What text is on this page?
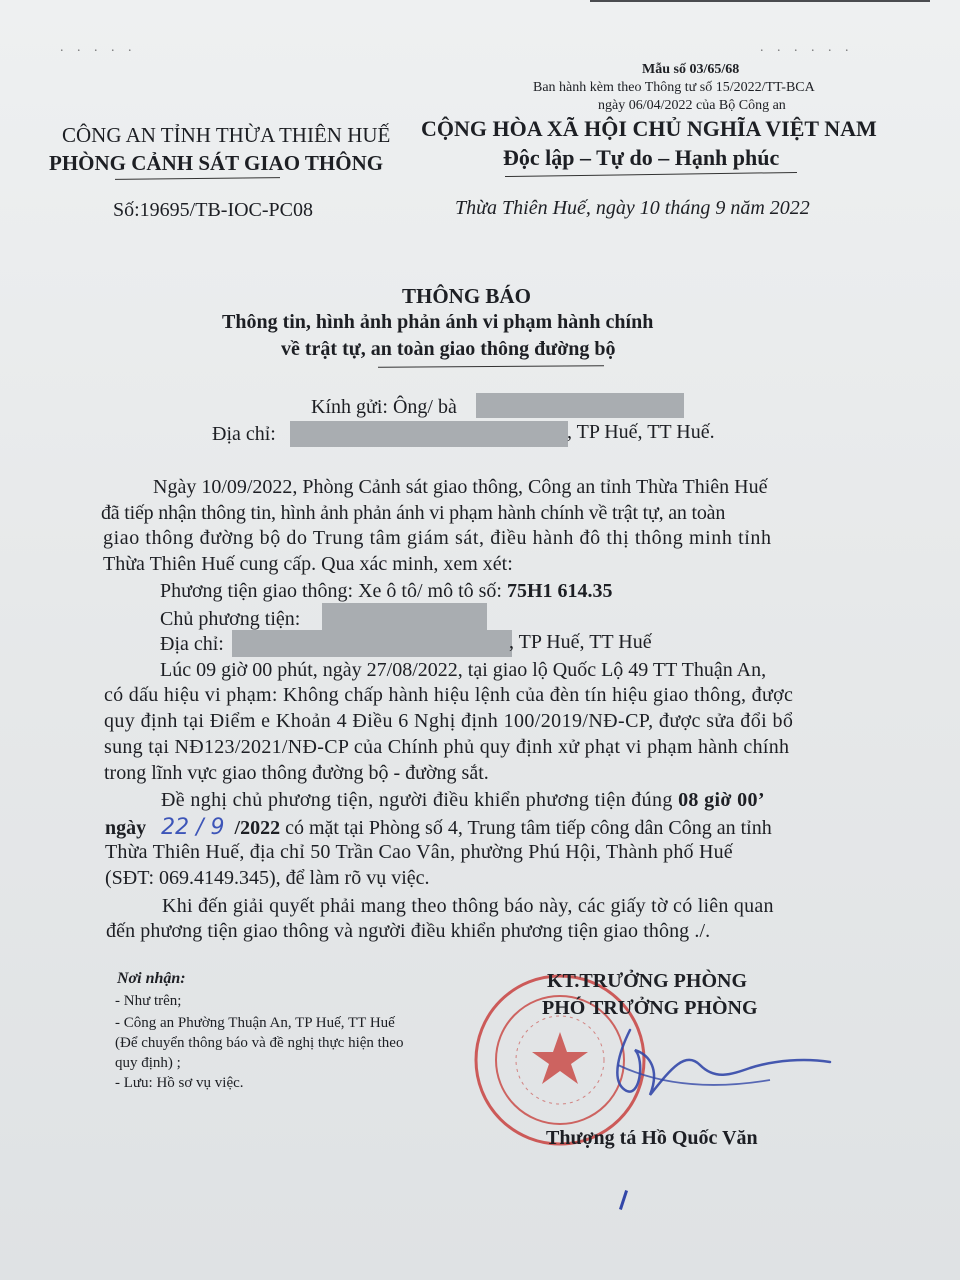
. . . . .	. . . . . .
Mẫu số 03/65/68
Ban hành kèm theo Thông tư số 15/2022/TT-BCA
ngày 06/04/2022 của Bộ Công an
CÔNG AN TỈNH THỪA THIÊN HUẾ
PHÒNG CẢNH SÁT GIAO THÔNG
CỘNG HÒA XÃ HỘI CHỦ NGHĨA VIỆT NAM
Độc lập – Tự do – Hạnh phúc
Số:19695/TB-IOC-PC08	Thừa Thiên Huế, ngày 10 tháng 9 năm 2022
THÔNG BÁO
Thông tin, hình ảnh phản ánh vi phạm hành chính
về trật tự, an toàn giao thông đường bộ
Kính gửi: Ông/ bà
Địa chỉ:	, TP Huế, TT Huế.
Ngày 10/09/2022, Phòng Cảnh sát giao thông, Công an tỉnh Thừa Thiên Huế
đã tiếp nhận thông tin, hình ảnh phản ánh vi phạm hành chính về trật tự, an toàn
giao thông đường bộ do Trung tâm giám sát, điều hành đô thị thông minh tỉnh
Thừa Thiên Huế cung cấp. Qua xác minh, xem xét:
Phương tiện giao thông: Xe ô tô/ mô tô số: 75H1 614.35
Chủ phương tiện:
Địa chỉ:	, TP Huế, TT Huế
Lúc 09 giờ 00 phút, ngày 27/08/2022, tại giao lộ Quốc Lộ 49 TT Thuận An,
có dấu hiệu vi phạm: Không chấp hành hiệu lệnh của đèn tín hiệu giao thông, được
quy định tại Điểm e Khoản 4 Điều 6 Nghị định 100/2019/NĐ-CP, được sửa đổi bổ
sung tại NĐ123/2021/NĐ-CP của Chính phủ quy định xử phạt vi phạm hành chính
trong lĩnh vực giao thông đường bộ - đường sắt.
Đề nghị chủ phương tiện, người điều khiển phương tiện đúng 08 giờ 00’
ngày 22 / 9 /2022 có mặt tại Phòng số 4, Trung tâm tiếp công dân Công an tỉnh
Thừa Thiên Huế, địa chỉ 50 Trần Cao Vân, phường Phú Hội, Thành phố Huế
(SĐT: 069.4149.345), để làm rõ vụ việc.
Khi đến giải quyết phải mang theo thông báo này, các giấy tờ có liên quan
đến phương tiện giao thông và người điều khiển phương tiện giao thông ./.
Nơi nhận:
- Như trên;
- Công an Phường Thuận An, TP Huế, TT Huế
(Để chuyển thông báo và đề nghị thực hiện theo
quy định) ;
- Lưu: Hồ sơ vụ việc.
KT.TRƯỞNG PHÒNG
PHÓ TRƯỞNG PHÒNG
Thượng tá Hồ Quốc Văn
